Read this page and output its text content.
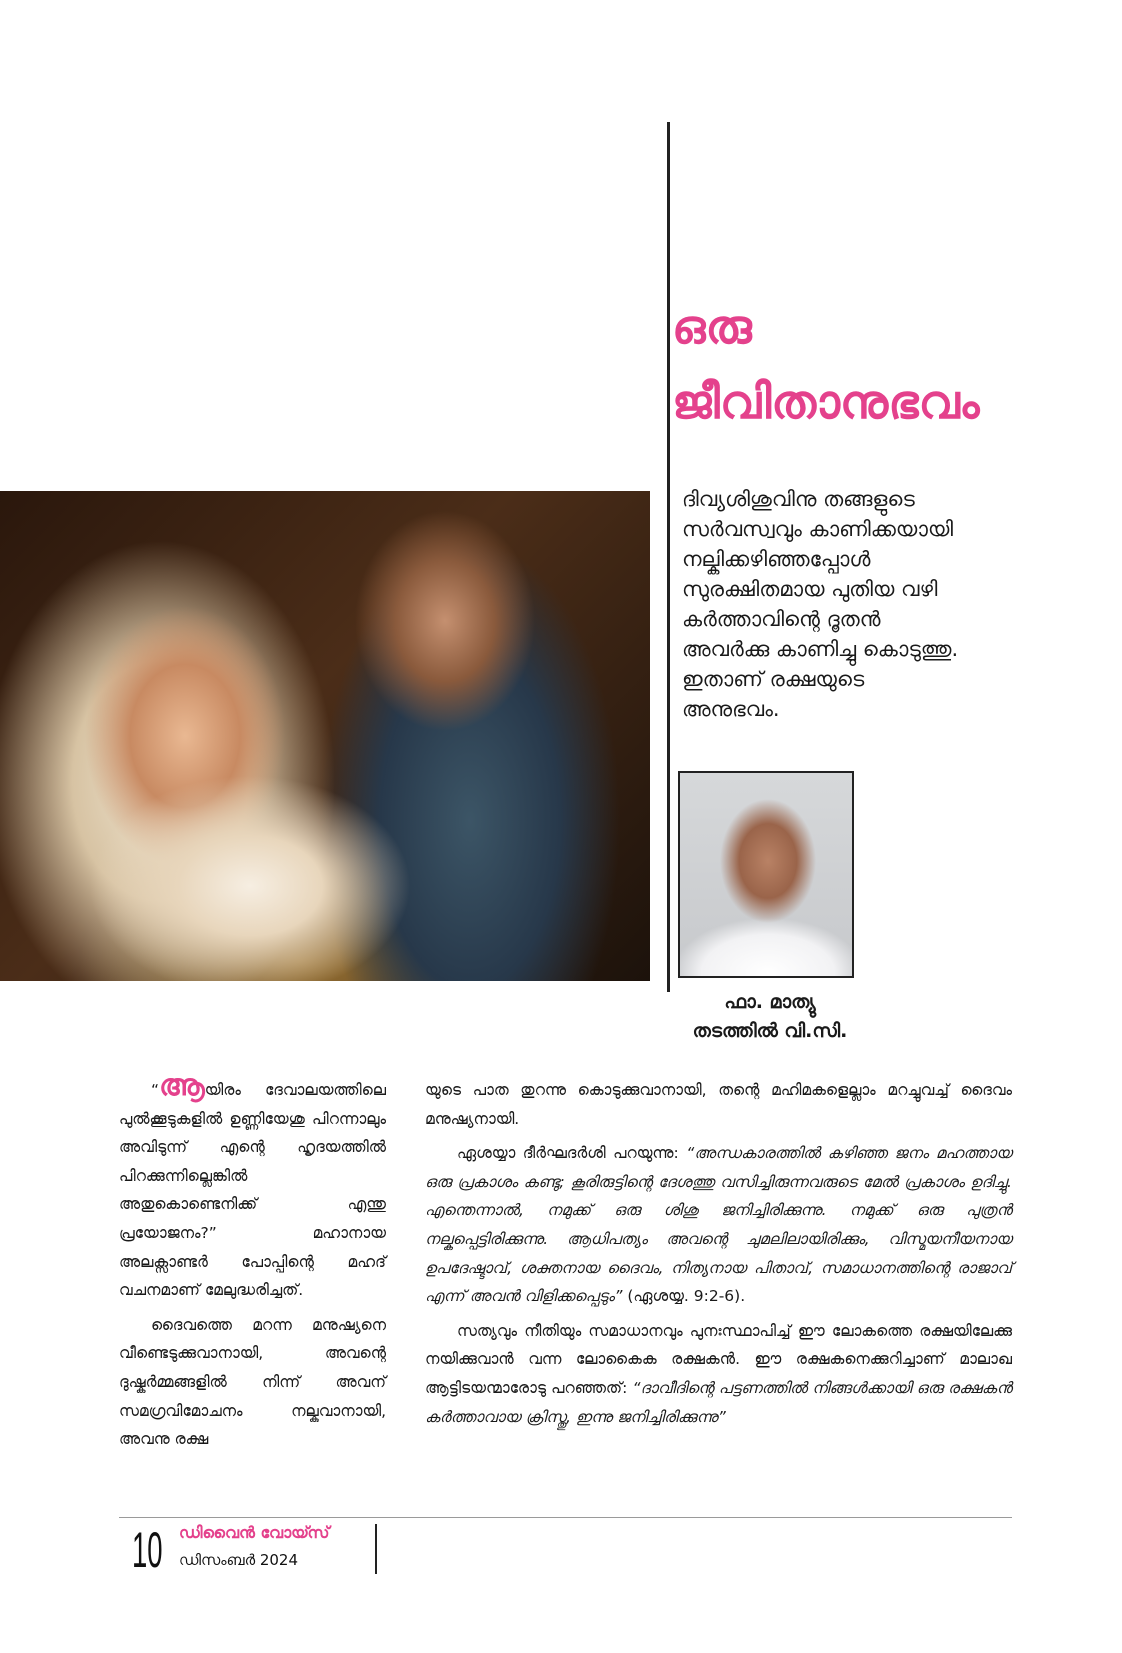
ഒരു
ജീവിതാനുഭവം
ദിവ്യശിശുവിനു തങ്ങളുടെ
സർവസ്വവും കാണിക്കയായി
നല്കിക്കഴിഞ്ഞപ്പോൾ
സുരക്ഷിതമായ പുതിയ വഴി
കർത്താവിന്റെ ദൂതൻ
അവർക്കു കാണിച്ചു കൊടുത്തു.
ഇതാണ് രക്ഷയുടെ
അനുഭവം.
ഫാ. മാത്യു
തടത്തിൽ വി.സി.

“ആയിരം ദേവാലയത്തിലെ പുൽക്കൂടുകളിൽ ഉണ്ണിയേശു പിറന്നാലും അവിടുന്ന് എന്റെ ഹൃദയത്തിൽ പിറക്കുന്നില്ലെങ്കിൽ അതുകൊണ്ടെനിക്ക് എന്തു പ്രയോജനം?” മഹാനായ അലക്സാണ്ടർ പോപ്പിന്റെ മഹദ് വചനമാണ് മേലുദ്ധരിച്ചത്.

ദൈവത്തെ മറന്ന മനുഷ്യനെ വീണ്ടെടുക്കുവാനായി, അവന്റെ ദുഷ്കർമ്മങ്ങളിൽ നിന്ന് അവന് സമഗ്രവിമോചനം നല്കുവാനായി, അവനു രക്ഷ

യുടെ പാത തുറന്നു കൊടുക്കുവാനായി, തന്റെ മഹിമകളെല്ലാം മറച്ചുവച്ച് ദൈവം മനുഷ്യനായി.

ഏശയ്യാ ദീർഘദർശി പറയുന്നു: “അന്ധകാരത്തിൽ കഴിഞ്ഞ ജനം മഹത്തായ ഒരു പ്രകാശം കണ്ടു; കൂരിരുട്ടിന്റെ ദേശത്തു വസിച്ചിരുന്നവരുടെ മേൽ പ്രകാശം ഉദിച്ചു. എന്തെന്നാൽ, നമുക്ക് ഒരു ശിശു ജനിച്ചിരിക്കുന്നു. നമുക്ക് ഒരു പുത്രൻ നല്കപ്പെട്ടിരിക്കുന്നു. ആധിപത്യം അവന്റെ ചുമലിലായിരിക്കും, വിസ്മയനീയനായ ഉപദേഷ്ടാവ്, ശക്തനായ ദൈവം, നിത്യനായ പിതാവ്, സമാധാനത്തിന്റെ രാജാവ് എന്ന് അവൻ വിളിക്കപ്പെടും” (ഏശയ്യ. 9:2-6).

സത്യവും നീതിയും സമാധാനവും പുനഃസ്ഥാപിച്ച് ഈ ലോകത്തെ രക്ഷയിലേക്കു നയിക്കുവാൻ വന്ന ലോകൈക രക്ഷകൻ. ഈ രക്ഷകനെക്കുറിച്ചാണ് മാലാഖ ആട്ടിടയന്മാരോടു പറഞ്ഞത്: “ദാവീദിന്റെ പട്ടണത്തിൽ നിങ്ങൾക്കായി ഒരു രക്ഷകൻ കർത്താവായ ക്രിസ്തു, ഇന്നു ജനിച്ചിരിക്കുന്നു”

10 ഡിവൈൻ വോയ്സ്
ഡിസംബർ 2024
